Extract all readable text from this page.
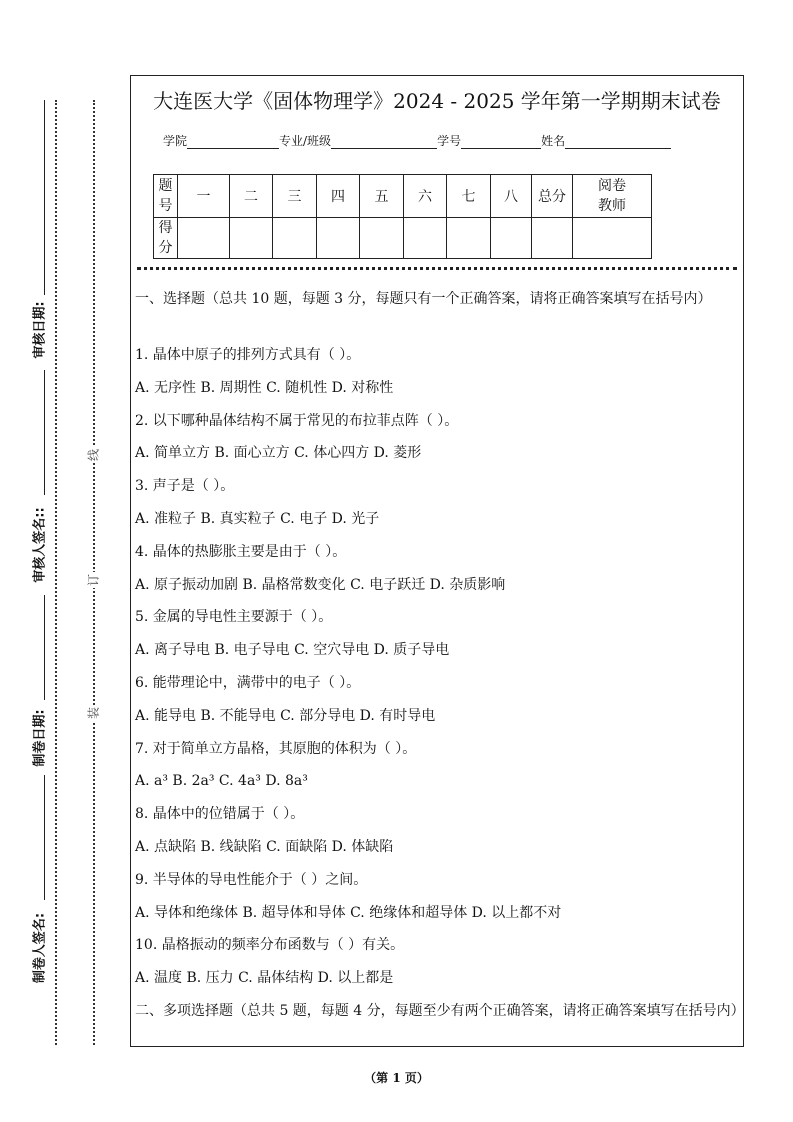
审核日期:
审核人签名::
制卷日期:
制卷人签名:
线
订
装
大连医大学《固体物理学》2024 - 2025 学年第一学期期末试卷
学院	专业/班级	学号	姓名
题号	一	二	三	四	五	六	七	八	总分	阅卷教师
得分										
一、选择题（总共 10 题，每题 3 分，每题只有一个正确答案，请将正确答案填写在括号内）
1. 晶体中原子的排列方式具有（ ）。
A. 无序性 B. 周期性 C. 随机性 D. 对称性
2. 以下哪种晶体结构不属于常见的布拉菲点阵（ ）。
A. 简单立方 B. 面心立方 C. 体心四方 D. 菱形
3. 声子是（ ）。
A. 准粒子 B. 真实粒子 C. 电子 D. 光子
4. 晶体的热膨胀主要是由于（ ）。
A. 原子振动加剧 B. 晶格常数变化 C. 电子跃迁 D. 杂质影响
5. 金属的导电性主要源于（ ）。
A. 离子导电 B. 电子导电 C. 空穴导电 D. 质子导电
6. 能带理论中，满带中的电子（ ）。
A. 能导电 B. 不能导电 C. 部分导电 D. 有时导电
7. 对于简单立方晶格，其原胞的体积为（ ）。
A. a³ B. 2a³ C. 4a³ D. 8a³
8. 晶体中的位错属于（ ）。
A. 点缺陷 B. 线缺陷 C. 面缺陷 D. 体缺陷
9. 半导体的导电性能介于（ ）之间。
A. 导体和绝缘体 B. 超导体和导体 C. 绝缘体和超导体 D. 以上都不对
10. 晶格振动的频率分布函数与（ ）有关。
A. 温度 B. 压力 C. 晶体结构 D. 以上都是
二、多项选择题（总共 5 题，每题 4 分，每题至少有两个正确答案，请将正确答案填写在括号内）
（第 1 页）
